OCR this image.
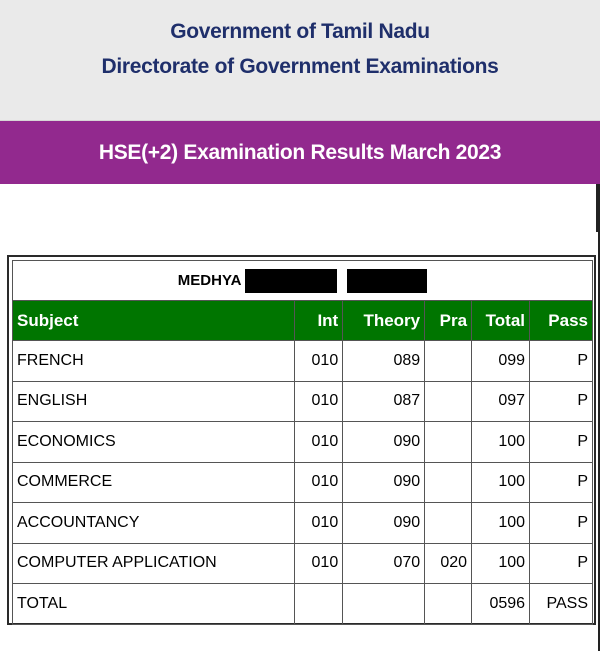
Government of Tamil Nadu
Directorate of Government Examinations
HSE(+2) Examination Results March 2023
MEDHYA					
Subject	Int	Theory	Pra	Total	Pass
FRENCH	010	089		099	P
ENGLISH	010	087		097	P
ECONOMICS	010	090		100	P
COMMERCE	010	090		100	P
ACCOUNTANCY	010	090		100	P
COMPUTER APPLICATION	010	070	020	100	P
TOTAL				0596	PASS
